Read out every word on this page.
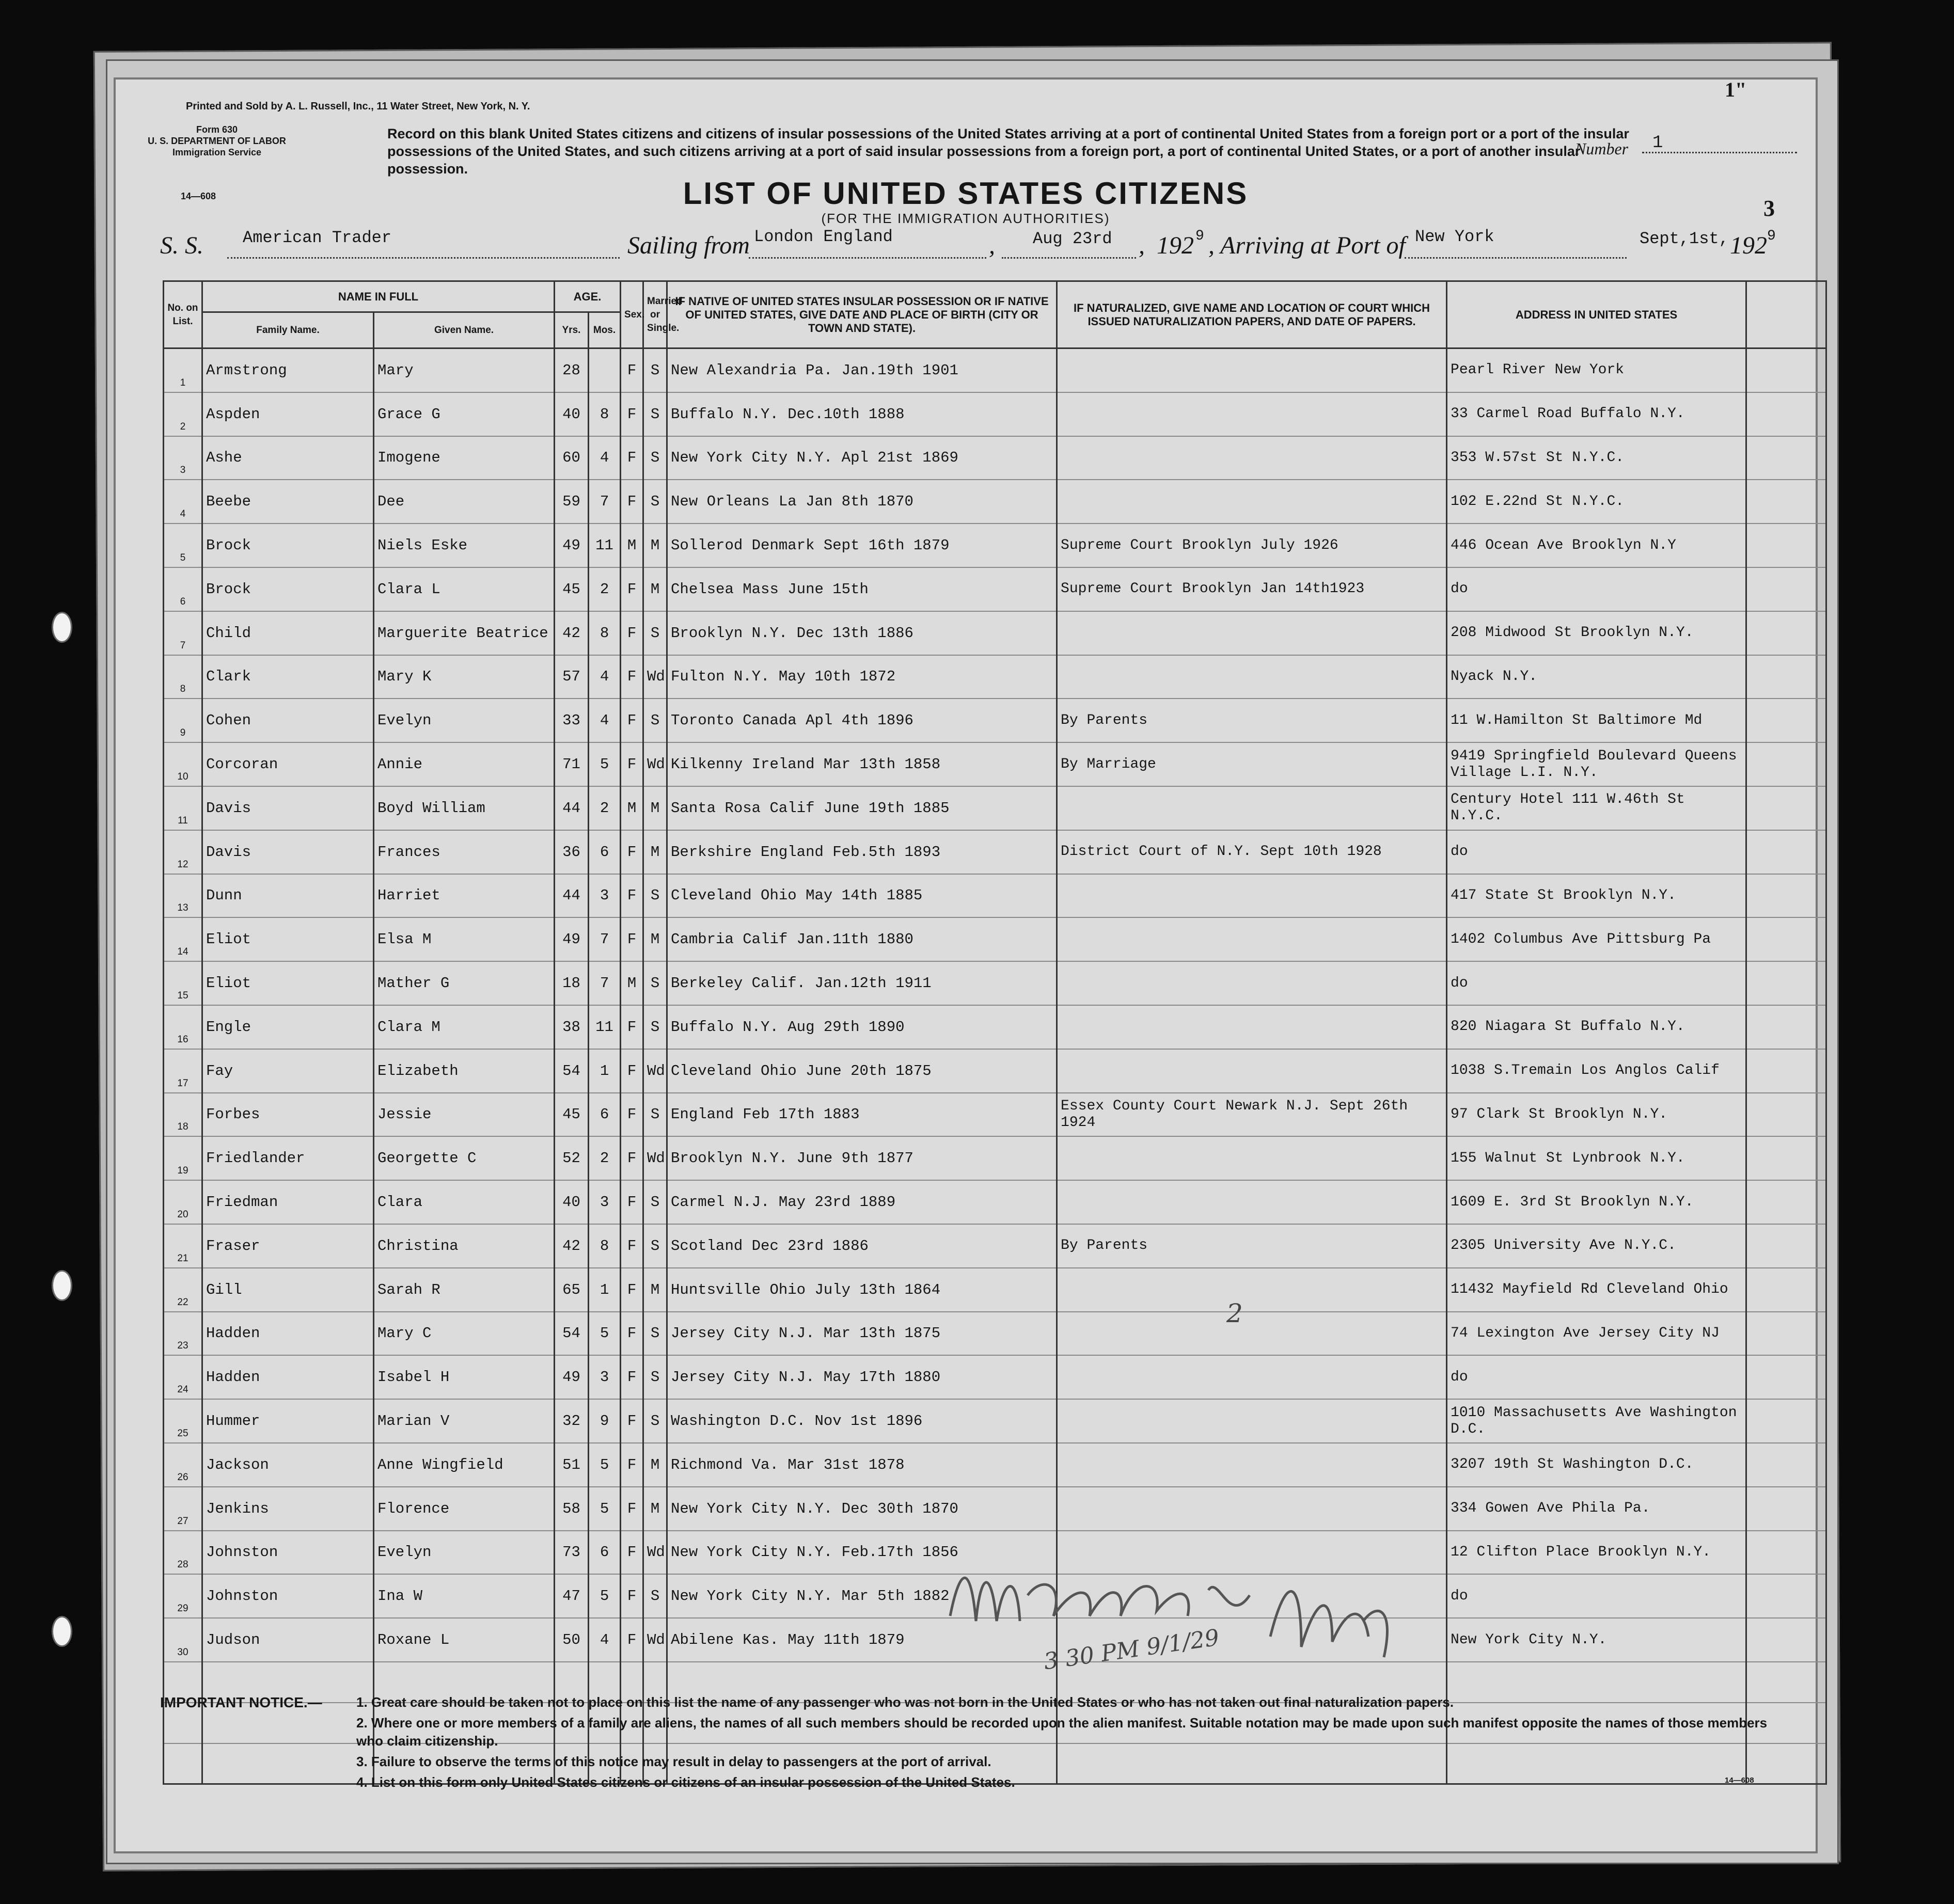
1"
Printed and Sold by A. L. Russell, Inc., 11 Water Street, New York, N. Y.
Form 630
U. S. DEPARTMENT OF LABOR
Immigration Service
14—608
Record on this blank United States citizens and citizens of insular possessions of the United States arriving at a port of continental United States from a foreign port or a port of the insular possessions of the United States, and such citizens arriving at a port of said insular possessions from a foreign port, a port of continental United States, or a port of another insular possession.
Number	1
3
LIST OF UNITED STATES CITIZENS
(FOR THE IMMIGRATION AUTHORITIES)
S. S. American Trader	Sailing from London England	, Aug 23rd , 192 9 , Arriving at Port of New York	Sept,1st, 192 9
No. on List.	NAME IN FULL		AGE.		Sex.	Married or Single.	IF NATIVE OF UNITED STATES INSULAR POSSESSION OR IF NATIVE OF UNITED STATES, GIVE DATE AND PLACE OF BIRTH (CITY OR TOWN AND STATE).	IF NATURALIZED, GIVE NAME AND LOCATION OF COURT WHICH ISSUED NATURALIZATION PAPERS, AND DATE OF PAPERS.	ADDRESS IN UNITED STATES	
	Family Name.	Given Name.	Yrs.	Mos.						
1	Armstrong	Mary	28		F	S	New Alexandria Pa. Jan.19th 1901		Pearl River New York	
2	Aspden	Grace G	40	8	F	S	Buffalo N.Y. Dec.10th 1888		33 Carmel Road Buffalo N.Y.	
3	Ashe	Imogene	60	4	F	S	New York City N.Y. Apl 21st 1869		353 W.57st St N.Y.C.	
4	Beebe	Dee	59	7	F	S	New Orleans La Jan 8th 1870		102 E.22nd St N.Y.C.	
5	Brock	Niels Eske	49	11	M	M	Sollerod Denmark Sept 16th 1879	Supreme Court Brooklyn July 1926	446 Ocean Ave Brooklyn N.Y	
6	Brock	Clara L	45	2	F	M	Chelsea Mass June 15th	Supreme Court Brooklyn Jan 14th1923	do	
7	Child	Marguerite Beatrice	42	8	F	S	Brooklyn N.Y. Dec 13th 1886		208 Midwood St Brooklyn N.Y.	
8	Clark	Mary K	57	4	F	Wd	Fulton N.Y. May 10th 1872		Nyack N.Y.	
9	Cohen	Evelyn	33	4	F	S	Toronto Canada Apl 4th 1896	By Parents	11 W.Hamilton St Baltimore Md	
10	Corcoran	Annie	71	5	F	Wd	Kilkenny Ireland Mar 13th 1858	By Marriage	9419 Springfield Boulevard Queens Village L.I. N.Y.	
11	Davis	Boyd William	44	2	M	M	Santa Rosa Calif June 19th 1885		Century Hotel 111 W.46th St N.Y.C.	
12	Davis	Frances	36	6	F	M	Berkshire England Feb.5th 1893	District Court of N.Y. Sept 10th 1928	do	
13	Dunn	Harriet	44	3	F	S	Cleveland Ohio May 14th 1885		417 State St Brooklyn N.Y.	
14	Eliot	Elsa M	49	7	F	M	Cambria Calif Jan.11th 1880		1402 Columbus Ave Pittsburg Pa	
15	Eliot	Mather G	18	7	M	S	Berkeley Calif. Jan.12th 1911		do	
16	Engle	Clara M	38	11	F	S	Buffalo N.Y. Aug 29th 1890		820 Niagara St Buffalo N.Y.	
17	Fay	Elizabeth	54	1	F	Wd	Cleveland Ohio June 20th 1875		1038 S.Tremain Los Anglos Calif	
18	Forbes	Jessie	45	6	F	S	England Feb 17th 1883	Essex County Court Newark N.J. Sept 26th 1924	97 Clark St Brooklyn N.Y.	
19	Friedlander	Georgette C	52	2	F	Wd	Brooklyn N.Y. June 9th 1877		155 Walnut St Lynbrook N.Y.	
20	Friedman	Clara	40	3	F	S	Carmel N.J. May 23rd 1889		1609 E. 3rd St Brooklyn N.Y.	
21	Fraser	Christina	42	8	F	S	Scotland Dec 23rd 1886	By Parents	2305 University Ave N.Y.C.	
22	Gill	Sarah R	65	1	F	M	Huntsville Ohio July 13th 1864		11432 Mayfield Rd Cleveland Ohio	
23	Hadden	Mary C	54	5	F	S	Jersey City N.J. Mar 13th 1875		74 Lexington Ave Jersey City NJ	
24	Hadden	Isabel H	49	3	F	S	Jersey City N.J. May 17th 1880		do	
25	Hummer	Marian V	32	9	F	S	Washington D.C. Nov 1st 1896		1010 Massachusetts Ave Washington D.C.	
26	Jackson	Anne Wingfield	51	5	F	M	Richmond Va. Mar 31st 1878		3207 19th St Washington D.C.	
27	Jenkins	Florence	58	5	F	M	New York City N.Y. Dec 30th 1870		334 Gowen Ave Phila Pa.	
28	Johnston	Evelyn	73	6	F	Wd	New York City N.Y. Feb.17th 1856		12 Clifton Place Brooklyn N.Y.	
29	Johnston	Ina W	47	5	F	S	New York City N.Y. Mar 5th 1882		do	
30	Judson	Roxane L	50	4	F	Wd	Abilene Kas. May 11th 1879		New York City N.Y.	

2
3 30 PM 9/1/29
IMPORTANT NOTICE.—	1. Great care should be taken not to place on this list the name of any passenger who was not born in the United States or who has not taken out final naturalization papers.
2. Where one or more members of a family are aliens, the names of all such members should be recorded upon the alien manifest. Suitable notation may be made upon such manifest opposite the names of those members who claim citizenship.
3. Failure to observe the terms of this notice may result in delay to passengers at the port of arrival.
4. List on this form only United States citizens or citizens of an insular possession of the United States.	14—608
